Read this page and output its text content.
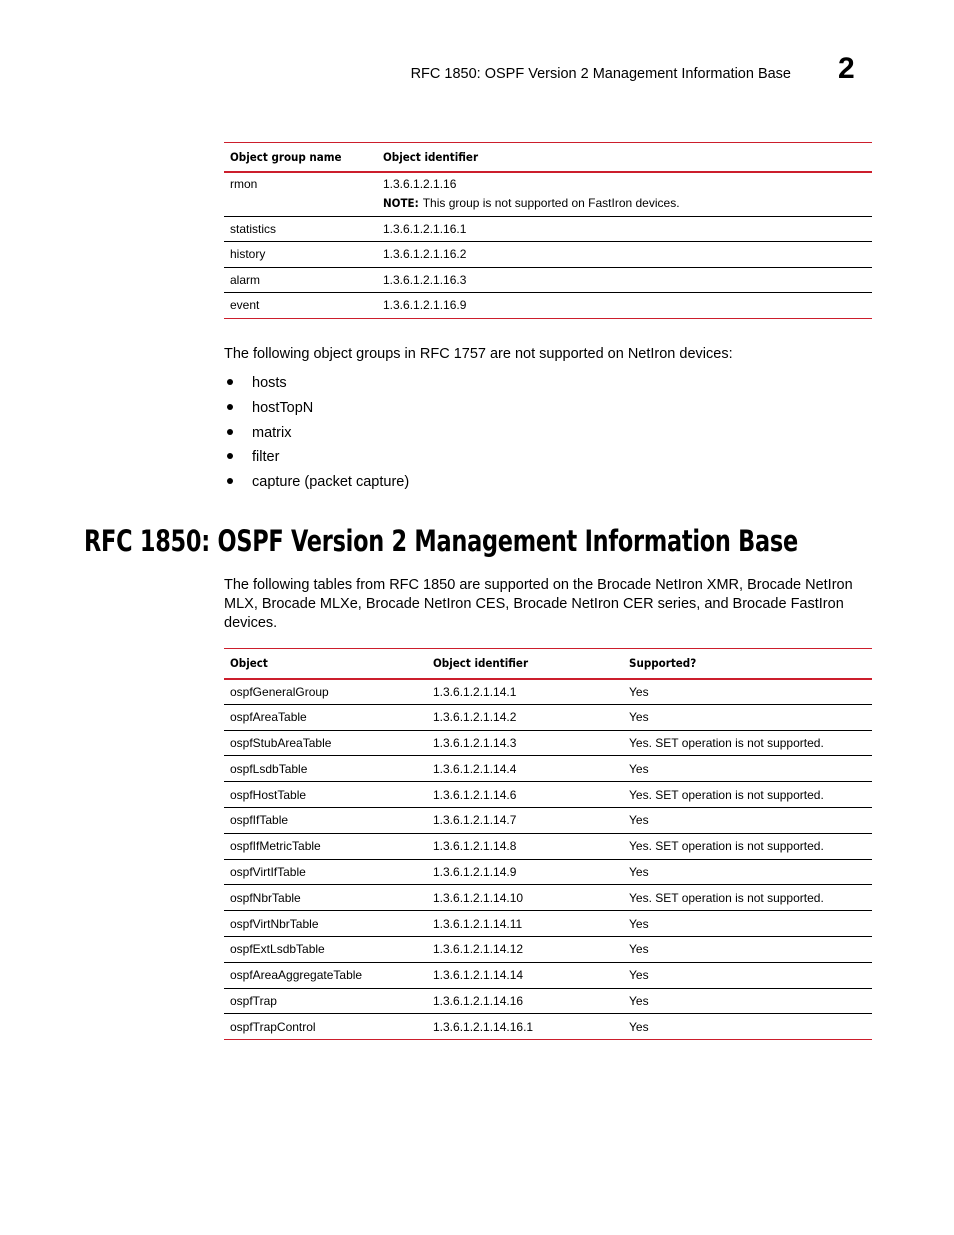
RFC 1850: OSPF Version 2 Management Information Base 2
Object group name	Object identifier
rmon	1.3.6.1.2.1.16
NOTE: This group is not supported on FastIron devices.

statistics	1.3.6.1.2.1.16.1
history	1.3.6.1.2.1.16.2
alarm	1.3.6.1.2.1.16.3
event	1.3.6.1.2.1.16.9

The following object groups in RFC 1757 are not supported on NetIron devices:

hosts
hostTopN
matrix
filter
capture (packet capture)
RFC 1850: OSPF Version 2 Management Information Base

The following tables from RFC 1850 are supported on the Brocade NetIron XMR, Brocade NetIron MLX, Brocade MLXe, Brocade NetIron CES, Brocade NetIron CER series, and Brocade FastIron devices.

Object	Object identifier	Supported?
ospfGeneralGroup	1.3.6.1.2.1.14.1	Yes
ospfAreaTable	1.3.6.1.2.1.14.2	Yes
ospfStubAreaTable	1.3.6.1.2.1.14.3	Yes. SET operation is not supported.
ospfLsdbTable	1.3.6.1.2.1.14.4	Yes
ospfHostTable	1.3.6.1.2.1.14.6	Yes. SET operation is not supported.
ospfIfTable	1.3.6.1.2.1.14.7	Yes
ospfIfMetricTable	1.3.6.1.2.1.14.8	Yes. SET operation is not supported.
ospfVirtIfTable	1.3.6.1.2.1.14.9	Yes
ospfNbrTable	1.3.6.1.2.1.14.10	Yes. SET operation is not supported.
ospfVirtNbrTable	1.3.6.1.2.1.14.11	Yes
ospfExtLsdbTable	1.3.6.1.2.1.14.12	Yes
ospfAreaAggregateTable	1.3.6.1.2.1.14.14	Yes
ospfTrap	1.3.6.1.2.1.14.16	Yes
ospfTrapControl	1.3.6.1.2.1.14.16.1	Yes
